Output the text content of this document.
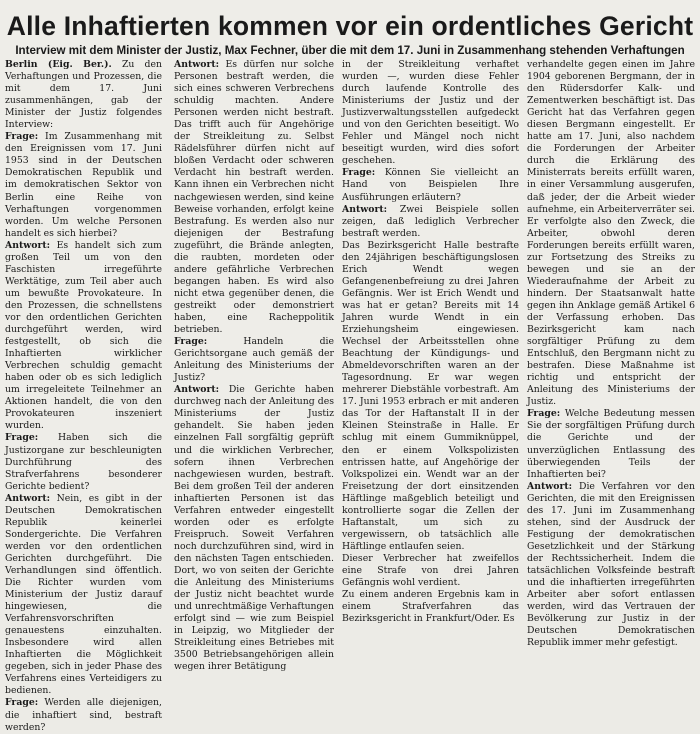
Alle Inhaftierten kommen vor ein ordentliches Gericht
Interview mit dem Minister der Justiz, Max Fechner, über die mit dem 17. Juni in Zusammenhang stehenden Verhaftungen

Berlin (Eig. Ber.). Zu den Verhaftungen und Prozessen, die mit dem 17. Juni zusammenhängen, gab der Minister der Justiz folgendes Interview:

Frage: Im Zusammenhang mit den Ereignissen vom 17. Juni 1953 sind in der Deutschen Demokratischen Republik und im demokratischen Sektor von Berlin eine Reihe von Verhaftungen vorgenommen worden. Um welche Personen handelt es sich hierbei?

Antwort: Es handelt sich zum großen Teil um von den Faschisten irregeführte Werktätige, zum Teil aber auch um bewußte Provokateure. In den Prozessen, die schnellstens vor den ordentlichen Gerichten durchgeführt werden, wird festgestellt, ob sich die Inhaftierten wirklicher Verbrechen schuldig gemacht haben oder ob es sich lediglich um irregeleitete Teilnehmer an Aktionen handelt, die von den Provokateuren inszeniert wurden.

Frage: Haben sich die Justizorgane zur beschleunigten Durchführung des Strafverfahrens besonderer Gerichte bedient?

Antwort: Nein, es gibt in der Deutschen Demokratischen Republik keinerlei Sondergerichte. Die Verfahren werden vor den ordentlichen Gerichten durchgeführt. Die Verhandlungen sind öffentlich. Die Richter wurden vom Ministerium der Justiz darauf hingewiesen, die Verfahrensvorschriften genauestens einzuhalten. Insbesondere wird allen Inhaftierten die Möglichkeit gegeben, sich in jeder Phase des Verfahrens eines Verteidigers zu bedienen.

Frage: Werden alle diejenigen, die inhaftiert sind, bestraft werden?

Antwort: Es dürfen nur solche Personen bestraft werden, die sich eines schweren Verbrechens schuldig machten. Andere Personen werden nicht bestraft. Das trifft auch für Angehörige der Streikleitung zu. Selbst Rädelsführer dürfen nicht auf bloßen Verdacht oder schweren Verdacht hin bestraft werden. Kann ihnen ein Verbrechen nicht nachgewiesen werden, sind keine Beweise vorhanden, erfolgt keine Bestrafung. Es werden also nur diejenigen der Bestrafung zugeführt, die Brände anlegten, die raubten, mordeten oder andere gefährliche Verbrechen begangen haben. Es wird also nicht etwa gegenüber denen, die gestreikt oder demonstriert haben, eine Racheppolitik betrieben.

Frage: Handeln die Gerichtsorgane auch gemäß der Anleitung des Ministeriums der Justiz?

Antwort: Die Gerichte haben durchweg nach der Anleitung des Ministeriums der Justiz gehandelt. Sie haben jeden einzelnen Fall sorgfältig geprüft und die wirklichen Verbrecher, sofern ihnen Verbrechen nachgewiesen wurden, bestraft. Bei dem großen Teil der anderen inhaftierten Personen ist das Verfahren entweder eingestellt worden oder es erfolgte Freispruch. Soweit Verfahren noch durchzuführen sind, wird in den nächsten Tagen entschieden. Dort, wo von seiten der Gerichte die Anleitung des Ministeriums der Justiz nicht beachtet wurde und unrechtmäßige Verhaftungen erfolgt sind — wie zum Beispiel in Leipzig, wo Mitglieder der Streikleitung eines Betriebes mit 3500 Betriebsangehörigen allein wegen ihrer Betätigung

in der Streikleitung verhaftet wurden —, wurden diese Fehler durch laufende Kontrolle des Ministeriums der Justiz und der Justizverwaltungsstellen aufgedeckt und von den Gerichten beseitigt. Wo Fehler und Mängel noch nicht beseitigt wurden, wird dies sofort geschehen.

Frage: Können Sie vielleicht an Hand von Beispielen Ihre Ausführungen erläutern?

Antwort: Zwei Beispiele sollen zeigen, daß lediglich Verbrecher bestraft werden.

Das Bezirksgericht Halle bestrafte den 24jährigen beschäftigungslosen Erich Wendt wegen Gefangenenbefreiung zu drei Jahren Gefängnis. Wer ist Erich Wendt und was hat er getan? Bereits mit 14 Jahren wurde Wendt in ein Erziehungsheim eingewiesen. Wechsel der Arbeitsstellen ohne Beachtung der Kündigungs- und Abmeldevorschriften waren an der Tagesordnung. Er war wegen mehrerer Diebstähle vorbestraft. Am 17. Juni 1953 erbrach er mit anderen das Tor der Haftanstalt II in der Kleinen Steinstraße in Halle. Er schlug mit einem Gummiknüppel, den er einem Volkspolizisten entrissen hatte, auf Angehörige der Volkspolizei ein. Wendt war an der Freisetzung der dort einsitzenden Häftlinge maßgeblich beteiligt und kontrollierte sogar die Zellen der Haftanstalt, um sich zu vergewissern, ob tatsächlich alle Häftlinge entlaufen seien.

Dieser Verbrecher hat zweifellos eine Strafe von drei Jahren Gefängnis wohl verdient.

Zu einem anderen Ergebnis kam in einem Strafverfahren das Bezirksgericht in Frankfurt/Oder. Es

verhandelte gegen einen im Jahre 1904 geborenen Bergmann, der in den Rüdersdorfer Kalk- und Zementwerken beschäftigt ist. Das Gericht hat das Verfahren gegen diesen Bergmann eingestellt. Er hatte am 17. Juni, also nachdem die Forderungen der Arbeiter durch die Erklärung des Ministerrats bereits erfüllt waren, in einer Versammlung ausgerufen, daß jeder, der die Arbeit wieder aufnehme, ein Arbeiterverräter sei. Er verfolgte also den Zweck, die Arbeiter, obwohl deren Forderungen bereits erfüllt waren, zur Fortsetzung des Streiks zu bewegen und sie an der Wiederaufnahme der Arbeit zu hindern. Der Staatsanwalt hatte gegen ihn Anklage gemäß Artikel 6 der Verfassung erhoben. Das Bezirksgericht kam nach sorgfältiger Prüfung zu dem Entschluß, den Bergmann nicht zu bestrafen. Diese Maßnahme ist richtig und entspricht der Anleitung des Ministeriums der Justiz.

Frage: Welche Bedeutung messen Sie der sorgfältigen Prüfung durch die Gerichte und der unverzüglichen Entlassung des überwiegenden Teils der Inhaftierten bei?

Antwort: Die Verfahren vor den Gerichten, die mit den Ereignissen des 17. Juni im Zusammenhang stehen, sind der Ausdruck der Festigung der demokratischen Gesetzlichkeit und der Stärkung der Rechtssicherheit. Indem die tatsächlichen Volksfeinde bestraft und die inhaftierten irregeführten Arbeiter aber sofort entlassen werden, wird das Vertrauen der Bevölkerung zur Justiz in der Deutschen Demokratischen Republik immer mehr gefestigt.
